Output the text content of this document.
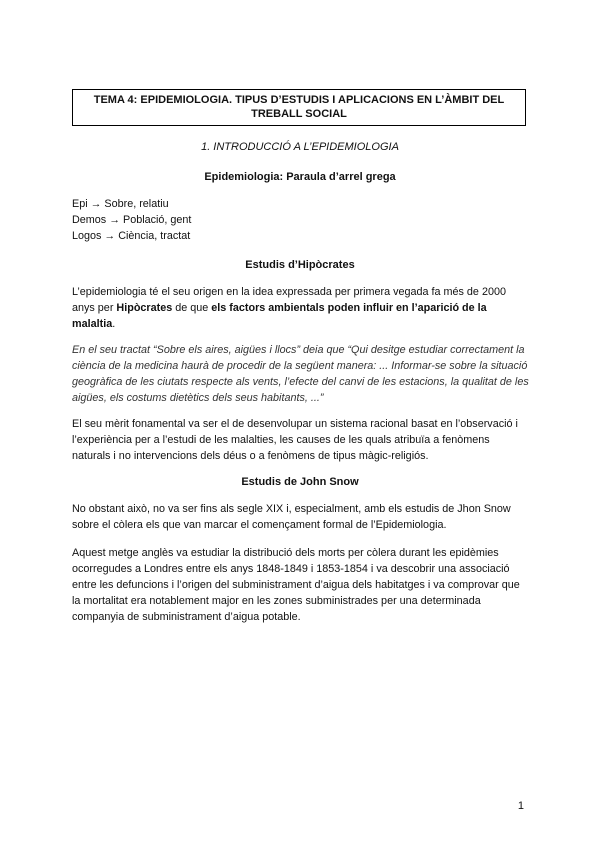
TEMA 4: EPIDEMIOLOGIA. TIPUS D’ESTUDIS I APLICACIONS EN L’ÀMBIT DEL
TREBALL SOCIAL
1. INTRODUCCIÓ A L’EPIDEMIOLOGIA
Epidemiologia: Paraula d’arrel grega

Epi → Sobre, relatiu

Demos → Població, gent

Logos → Ciència, tractat

Estudis d’Hipòcrates

L’epidemiologia té el seu origen en la idea expressada per primera vegada fa més de 2000 anys per Hipòcrates de que els factors ambientals poden influir en l’aparició de la malaltia.

En el seu tractat “Sobre els aires, aigües i llocs” deia que “Qui desitge estudiar correctament la ciència de la medicina haurà de procedir de la següent manera: ... Informar-se sobre la situació geogràfica de les ciutats respecte als vents, l’efecte del canvi de les estacions, la qualitat de les aigües, els costums dietètics dels seus habitants, ...”

El seu mèrit fonamental va ser el de desenvolupar un sistema racional basat en l’observació i l’experiència per a l’estudi de les malalties, les causes de les quals atribuïa a fenòmens naturals i no intervencions dels déus o a fenòmens de tipus màgic-religiós.

Estudis de John Snow

No obstant això, no va ser fins als segle XIX i, especialment, amb els estudis de Jhon Snow sobre el còlera els que van marcar el començament formal de l’Epidemiologia.

Aquest metge anglès va estudiar la distribució dels morts per còlera durant les epidèmies ocorregudes a Londres entre els anys 1848-1849 i 1853-1854 i va descobrir una associació entre les defuncions i l’origen del subministrament d’aigua dels habitatges i va comprovar que la mortalitat era notablement major en les zones subministrades per una determinada companyia de subministrament d’aigua potable.

1
